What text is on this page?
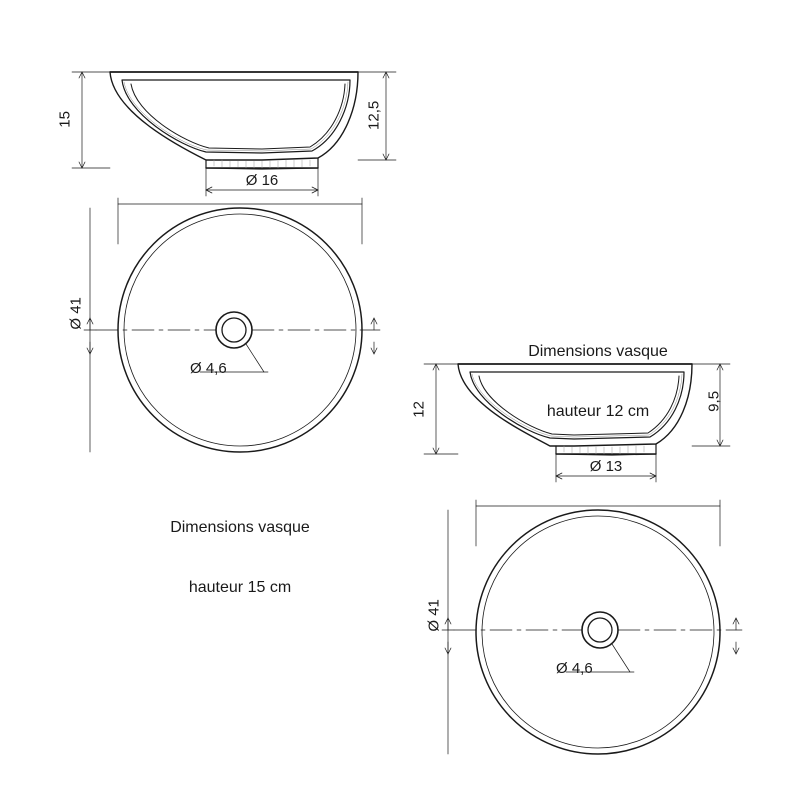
15	12,5
Ø 16
Ø 41
Ø 4,6

Dimensions vasque

hauteur 15 cm

Dimensions vasque

hauteur 12 cm

12	9,5
Ø 13
Ø 41
Ø 4,6
